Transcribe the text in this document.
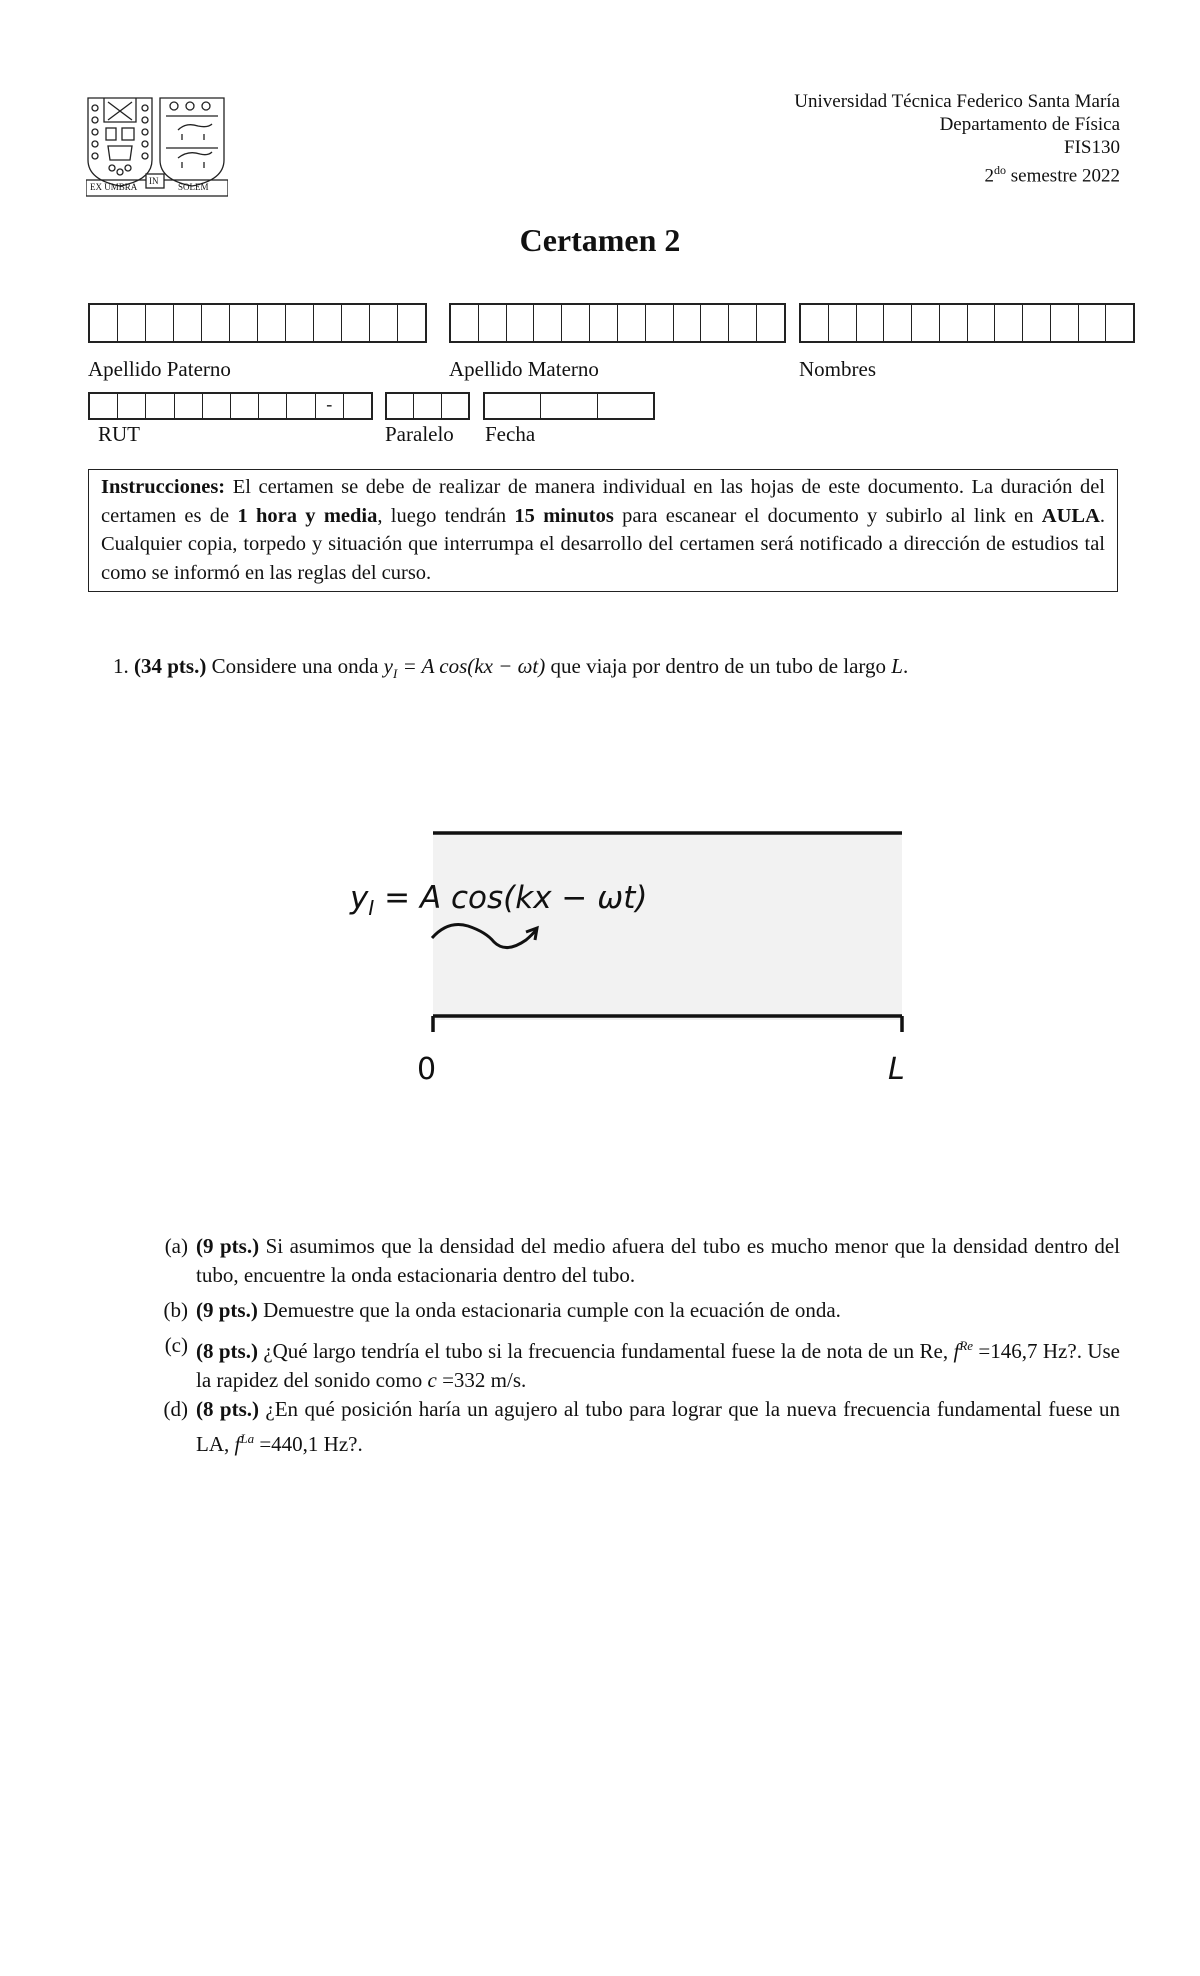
EX UMBRA
IN
SOLEM
Universidad Técnica Federico Santa María
Departamento de Física
FIS130
$2^{do}$ semestre 2022
Certamen 2
Apellido Paterno	Apellido Materno	Nombres
-
RUT	Paralelo Fecha
Instrucciones: El certamen se debe de realizar de manera individual en las hojas de este documento. La duración del certamen es de 1 hora y media, luego tendrán 15 minutos para escanear el documento y subirlo al link en AULA. Cualquier copia, torpedo y situación que interrumpa el desarrollo del certamen será notificado a dirección de estudios tal como se informó en las reglas del curso.
1. (34 pts.) Considere una onda $y_I = A$ cos(kx − ωt) que viaja por dentro de un tubo de largo L.
$y_I = A$ cos(kx − ωt)
0	L
(a) (9 pts.) Si asumimos que la densidad del medio afuera del tubo es mucho menor que la densidad dentro del tubo, encuentre la onda estacionaria dentro del tubo.
(b) (9 pts.) Demuestre que la onda estacionaria cumple con la ecuación de onda.
(c) (8 pts.) ¿Qué largo tendría el tubo si la frecuencia fundamental fuese la de nota de un Re, $f^{Re} =146,7$ Hz?. Use la rapidez del sonido como c =332 m/s.
(d) (8 pts.) ¿En qué posición haría un agujero al tubo para lograr que la nueva frecuencia fundamental fuese un LA, $f^{La} =440,1$ Hz?.
